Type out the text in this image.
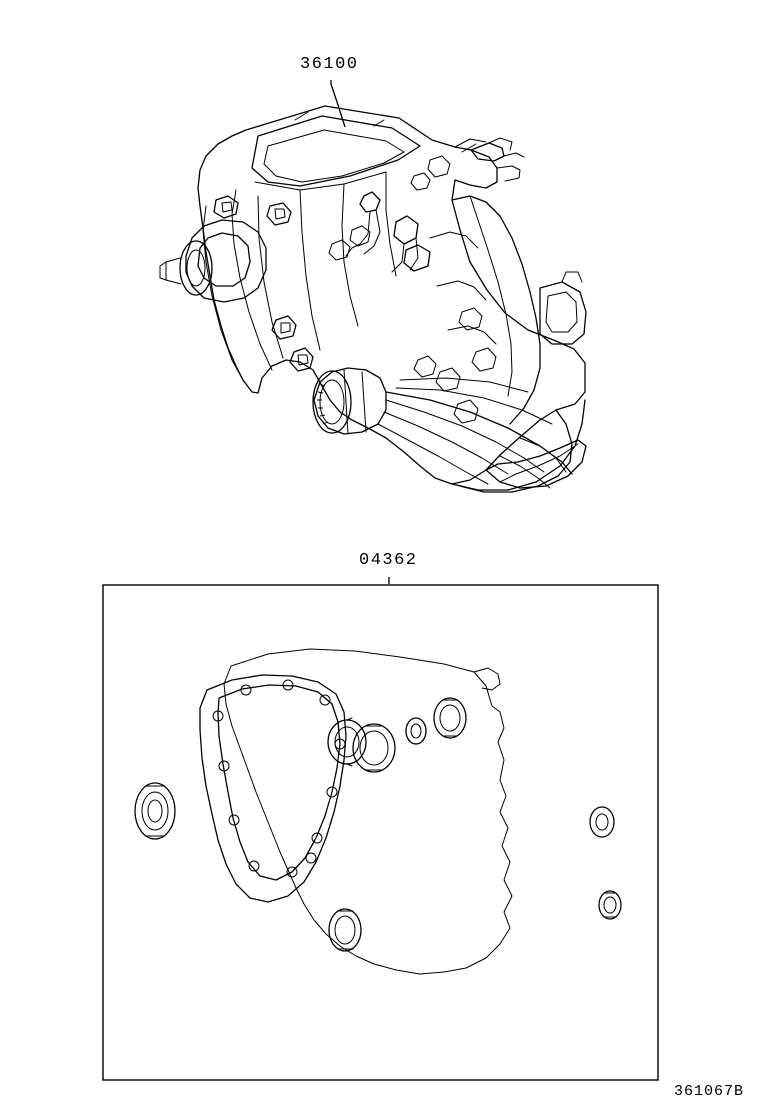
36100
04362
361067B
